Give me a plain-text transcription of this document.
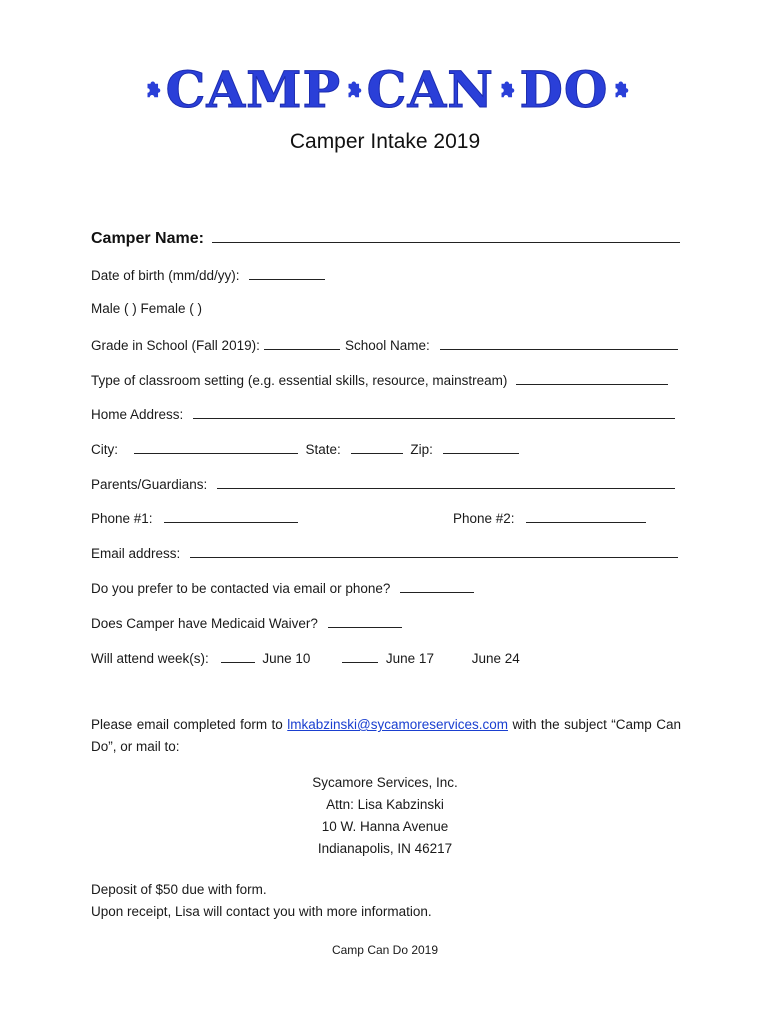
CAMP CAN DO
Camper Intake 2019
Camper Name:
Date of birth (mm/dd/yy):
Male ( ) Female ( )
Grade in School (Fall 2019):	School Name:
Type of classroom setting (e.g. essential skills, resource, mainstream)
Home Address:
City:	State:	Zip:
Parents/Guardians:
Phone #1:	Phone #2:
Email address:
Do you prefer to be contacted via email or phone?
Does Camper have Medicaid Waiver?
Will attend week(s):	June 10	June 17	June 24
Please email completed form to lmkabzinski@sycamoreservices.com with the subject “Camp Can Do”, or mail to:
Sycamore Services, Inc.
Attn: Lisa Kabzinski
10 W. Hanna Avenue
Indianapolis, IN 46217
Deposit of $50 due with form.
Upon receipt, Lisa will contact you with more information.
Camp Can Do 2019
